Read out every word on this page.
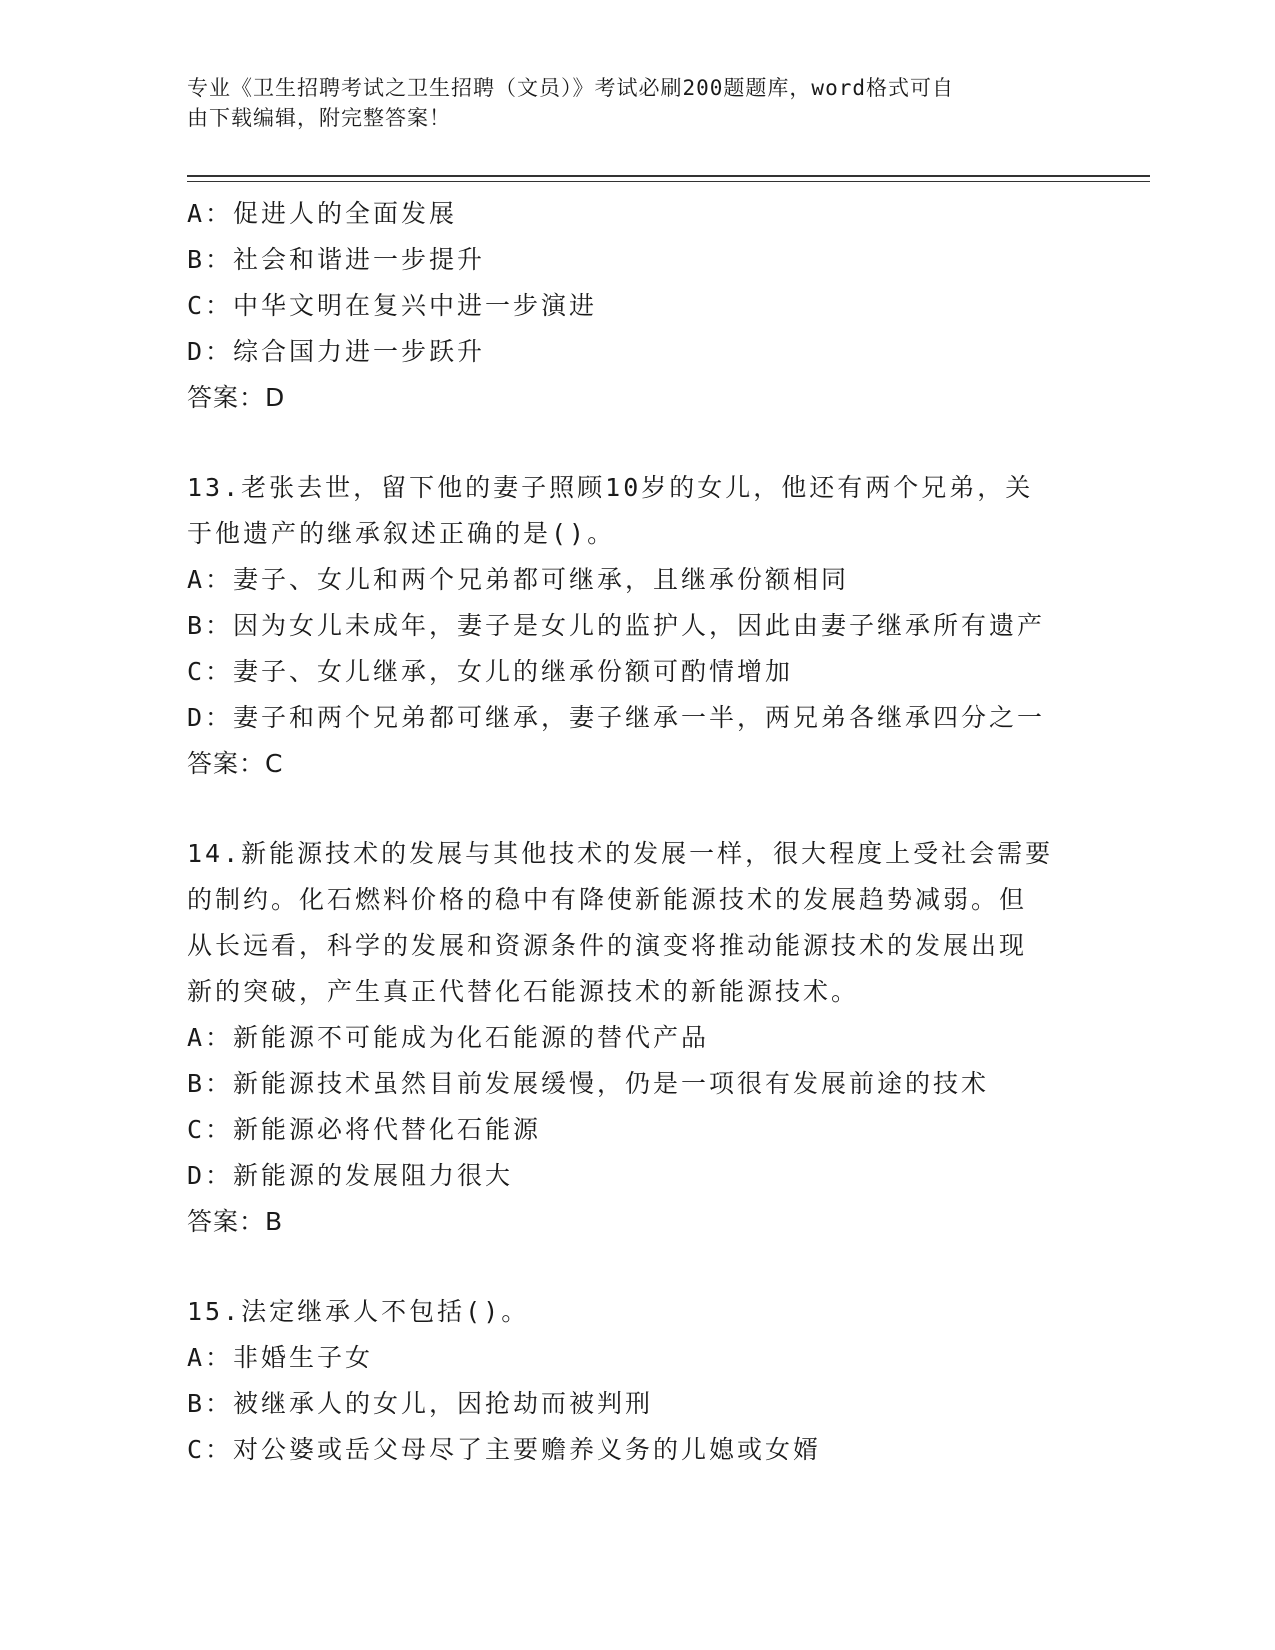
专业《卫生招聘考试之卫生招聘（文员）》考试必刷200题题库，word格式可自
由下载编辑，附完整答案！
A：促进人的全面发展
B：社会和谐进一步提升
C：中华文明在复兴中进一步演进
D：综合国力进一步跃升
答案：D
13.老张去世，留下他的妻子照顾10岁的女儿，他还有两个兄弟，关
于他遗产的继承叙述正确的是()。
A：妻子、女儿和两个兄弟都可继承，且继承份额相同
B：因为女儿未成年，妻子是女儿的监护人，因此由妻子继承所有遗产
C：妻子、女儿继承，女儿的继承份额可酌情增加
D：妻子和两个兄弟都可继承，妻子继承一半，两兄弟各继承四分之一
答案：C
14.新能源技术的发展与其他技术的发展一样，很大程度上受社会需要
的制约。化石燃料价格的稳中有降使新能源技术的发展趋势减弱。但
从长远看，科学的发展和资源条件的演变将推动能源技术的发展出现
新的突破，产生真正代替化石能源技术的新能源技术。
A：新能源不可能成为化石能源的替代产品
B：新能源技术虽然目前发展缓慢，仍是一项很有发展前途的技术
C：新能源必将代替化石能源
D：新能源的发展阻力很大
答案：B
15.法定继承人不包括()。
A：非婚生子女
B：被继承人的女儿，因抢劫而被判刑
C：对公婆或岳父母尽了主要赡养义务的儿媳或女婿
